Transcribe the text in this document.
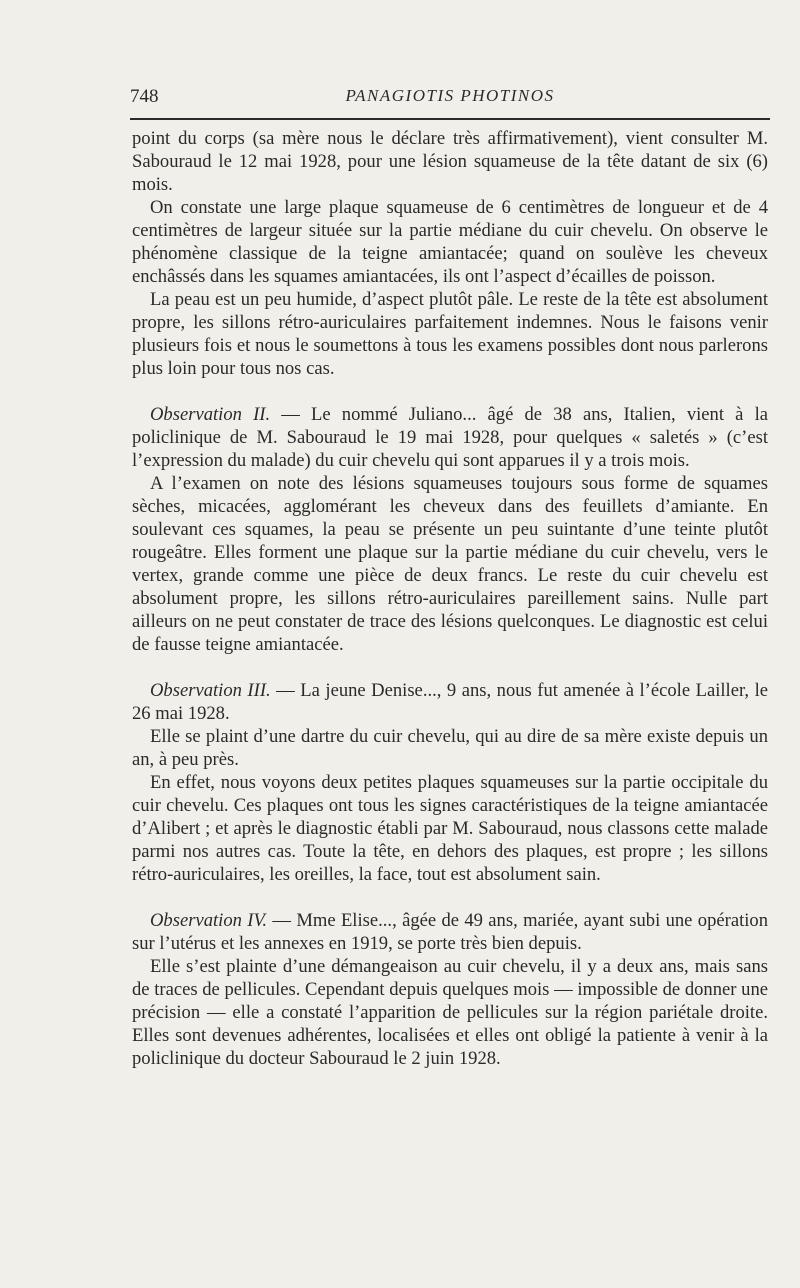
748	PANAGIOTIS PHOTINOS

point du corps (sa mère nous le déclare très affirmativement), vient consulter M. Sabouraud le 12 mai 1928, pour une lésion squameuse de la tête datant de six (6) mois.

On constate une large plaque squameuse de 6 centimètres de longueur et de 4 centimètres de largeur située sur la partie médiane du cuir chevelu. On observe le phénomène classique de la teigne amiantacée; quand on soulève les cheveux enchâssés dans les squames amiantacées, ils ont l’aspect d’écailles de poisson.

La peau est un peu humide, d’aspect plutôt pâle. Le reste de la tête est absolument propre, les sillons rétro-auriculaires parfaitement indemnes. Nous le faisons venir plusieurs fois et nous le soumettons à tous les examens possibles dont nous parlerons plus loin pour tous nos cas.

Observation II. — Le nommé Juliano... âgé de 38 ans, Italien, vient à la policlinique de M. Sabouraud le 19 mai 1928, pour quelques « saletés » (c’est l’expression du malade) du cuir chevelu qui sont apparues il y a trois mois.

A l’examen on note des lésions squameuses toujours sous forme de squames sèches, micacées, agglomérant les cheveux dans des feuillets d’amiante. En soulevant ces squames, la peau se présente un peu suintante d’une teinte plutôt rougeâtre. Elles forment une plaque sur la partie médiane du cuir chevelu, vers le vertex, grande comme une pièce de deux francs. Le reste du cuir chevelu est absolument propre, les sillons rétro-auriculaires pareillement sains. Nulle part ailleurs on ne peut constater de trace des lésions quelconques. Le diagnostic est celui de fausse teigne amiantacée.

Observation III. — La jeune Denise..., 9 ans, nous fut amenée à l’école Lailler, le 26 mai 1928.

Elle se plaint d’une dartre du cuir chevelu, qui au dire de sa mère existe depuis un an, à peu près.

En effet, nous voyons deux petites plaques squameuses sur la partie occipitale du cuir chevelu. Ces plaques ont tous les signes caractéristiques de la teigne amiantacée d’Alibert ; et après le diagnostic établi par M. Sabouraud, nous classons cette malade parmi nos autres cas. Toute la tête, en dehors des plaques, est propre ; les sillons rétro-auriculaires, les oreilles, la face, tout est absolument sain.

Observation IV. — Mme Elise..., âgée de 49 ans, mariée, ayant subi une opération sur l’utérus et les annexes en 1919, se porte très bien depuis.

Elle s’est plainte d’une démangeaison au cuir chevelu, il y a deux ans, mais sans de traces de pellicules. Cependant depuis quelques mois — impossible de donner une précision — elle a constaté l’apparition de pellicules sur la région pariétale droite. Elles sont devenues adhérentes, localisées et elles ont obligé la patiente à venir à la policlinique du docteur Sabouraud le 2 juin 1928.
